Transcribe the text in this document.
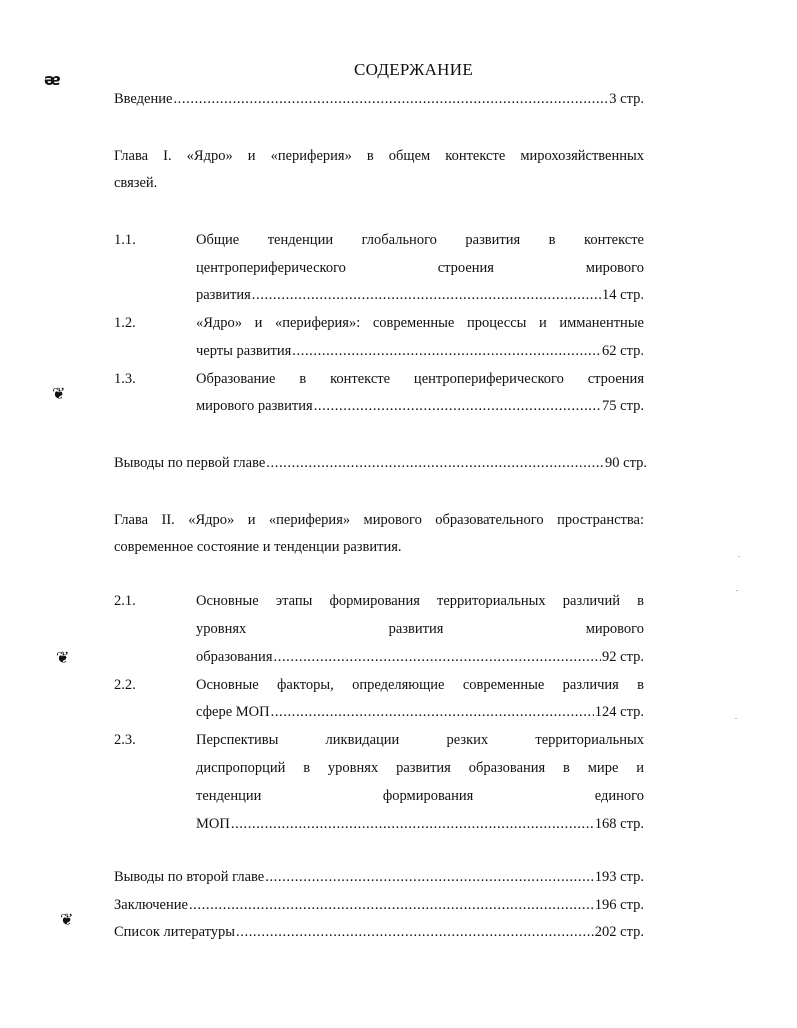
ᴂ
❦
❦
❦
СОДЕРЖАНИЕ
Введение .....	3 стр.
Глава I. «Ядро» и «периферия» в общем контексте мирохозяйственных
связей.
1.1.	Общие тенденции глобального развития в контексте
центропериферического строения мирового
развития .....	14 стр.
1.2.	«Ядро» и «периферия»: современные процессы и имманентные
черты развития .....	62 стр.
1.3.	Образование в контексте центропериферического строения
мирового развития .....	75 стр.
Выводы по первой главе .....	90 стр.
Глава II. «Ядро» и «периферия» мирового образовательного пространства:
современное состояние и тенденции развития.
2.1.	Основные этапы формирования территориальных различий в
уровнях развития мирового
образования .....	92 стр.
2.2.	Основные факторы, определяющие современные различия в
сфере МОП .....	124 стр.
2.3.	Перспективы ликвидации резких территориальных
диспропорций в уровнях развития образования в мире и
тенденции формирования единого
МОП .....	168 стр.
Выводы по второй главе .....	193 стр.
Заключение .....	196 стр.
Список литературы .....	202 стр.
